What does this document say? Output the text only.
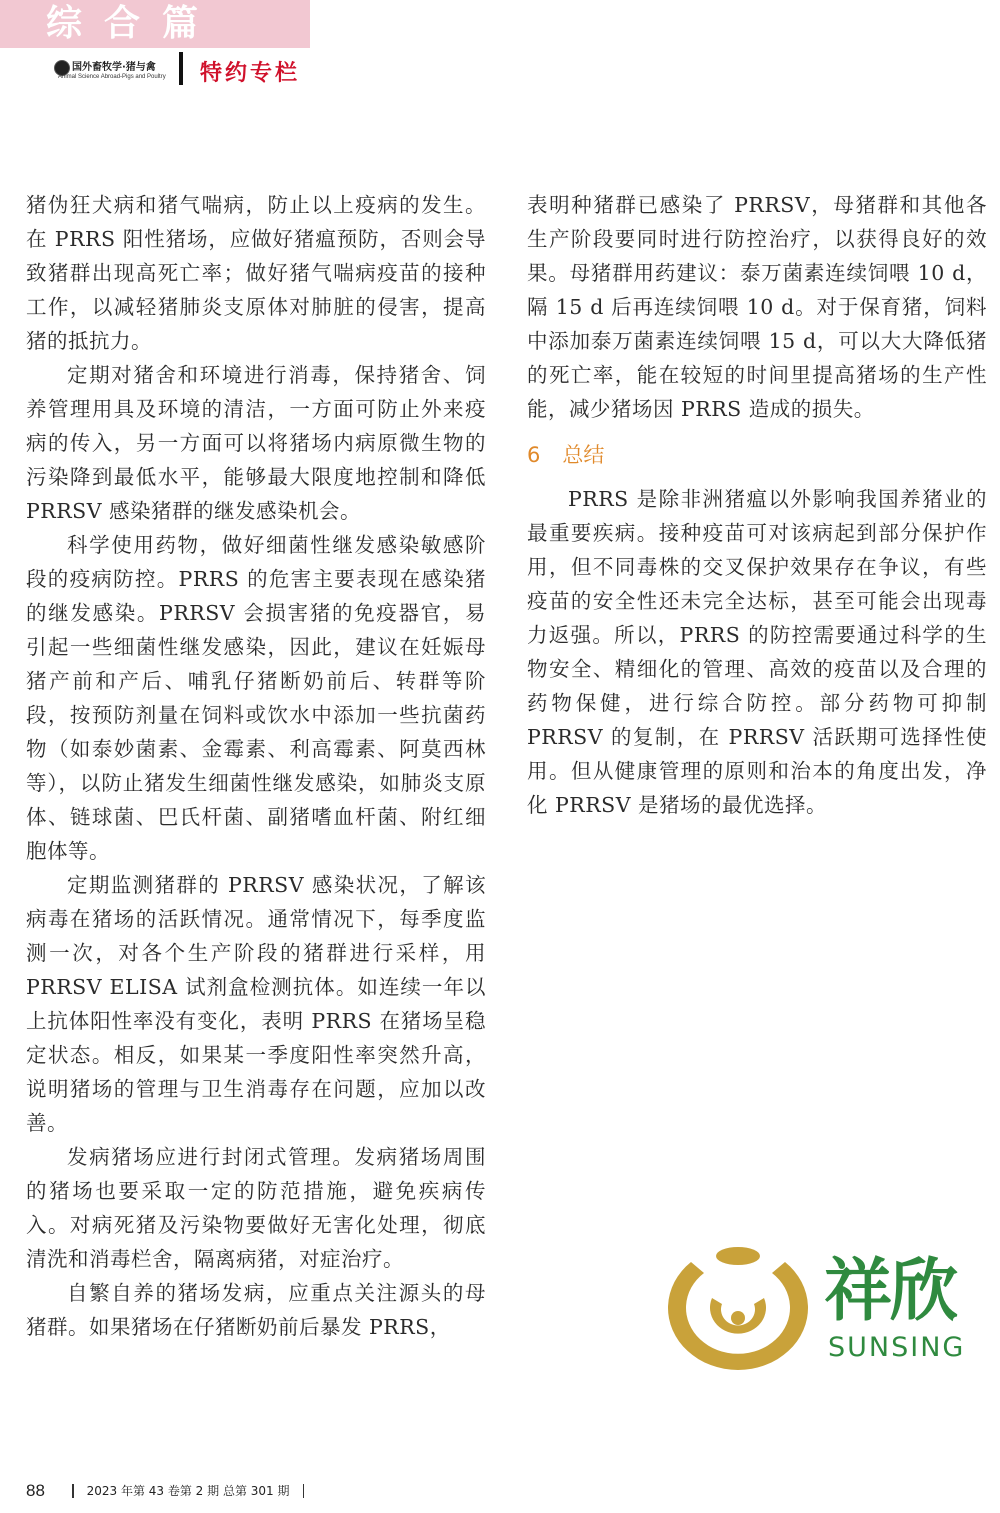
综合篇
国外畜牧学·猪与禽
Animal Science Abroad-Pigs and Poultry 特约专栏

猪伪狂犬病和猪气喘病，防止以上疫病的发生。在 PRRS 阳性猪场，应做好猪瘟预防，否则会导致猪群出现高死亡率；做好猪气喘病疫苗的接种工作，以减轻猪肺炎支原体对肺脏的侵害，提高猪的抵抗力。

定期对猪舍和环境进行消毒，保持猪舍、饲养管理用具及环境的清洁，一方面可防止外来疫病的传入，另一方面可以将猪场内病原微生物的污染降到最低水平，能够最大限度地控制和降低 PRRSV 感染猪群的继发感染机会。

科学使用药物，做好细菌性继发感染敏感阶段的疫病防控。PRRS 的危害主要表现在感染猪的继发感染。PRRSV 会损害猪的免疫器官，易引起一些细菌性继发感染，因此，建议在妊娠母猪产前和产后、哺乳仔猪断奶前后、转群等阶段，按预防剂量在饲料或饮水中添加一些抗菌药物（如泰妙菌素、金霉素、利高霉素、阿莫西林等），以防止猪发生细菌性继发感染，如肺炎支原体、链球菌、巴氏杆菌、副猪嗜血杆菌、附红细胞体等。

定期监测猪群的 PRRSV 感染状况，了解该病毒在猪场的活跃情况。通常情况下，每季度监测一次，对各个生产阶段的猪群进行采样，用 PRRSV ELISA 试剂盒检测抗体。如连续一年以上抗体阳性率没有变化，表明 PRRS 在猪场呈稳定状态。相反，如果某一季度阳性率突然升高，说明猪场的管理与卫生消毒存在问题，应加以改善。

发病猪场应进行封闭式管理。发病猪场周围的猪场也要采取一定的防范措施，避免疾病传入。对病死猪及污染物要做好无害化处理，彻底清洗和消毒栏舍，隔离病猪，对症治疗。

自繁自养的猪场发病，应重点关注源头的母猪群。如果猪场在仔猪断奶前后暴发 PRRS，

表明种猪群已感染了 PRRSV，母猪群和其他各生产阶段要同时进行防控治疗，以获得良好的效果。母猪群用药建议：泰万菌素连续饲喂 10 d，隔 15 d 后再连续饲喂 10 d。对于保育猪，饲料中添加泰万菌素连续饲喂 15 d，可以大大降低猪的死亡率，能在较短的时间里提高猪场的生产性能，减少猪场因 PRRS 造成的损失。

6 总结

PRRS 是除非洲猪瘟以外影响我国养猪业的最重要疾病。接种疫苗可对该病起到部分保护作用，但不同毒株的交叉保护效果存在争议，有些疫苗的安全性还未完全达标，甚至可能会出现毒力返强。所以，PRRS 的防控需要通过科学的生物安全、精细化的管理、高效的疫苗以及合理的药物保健，进行综合防控。部分药物可抑制 PRRSV 的复制，在 PRRSV 活跃期可选择性使用。但从健康管理的原则和治本的角度出发，净化 PRRSV 是猪场的最优选择。

祥欣
SUNSING
88	2023 年第 43 卷第 2 期 总第 301 期
